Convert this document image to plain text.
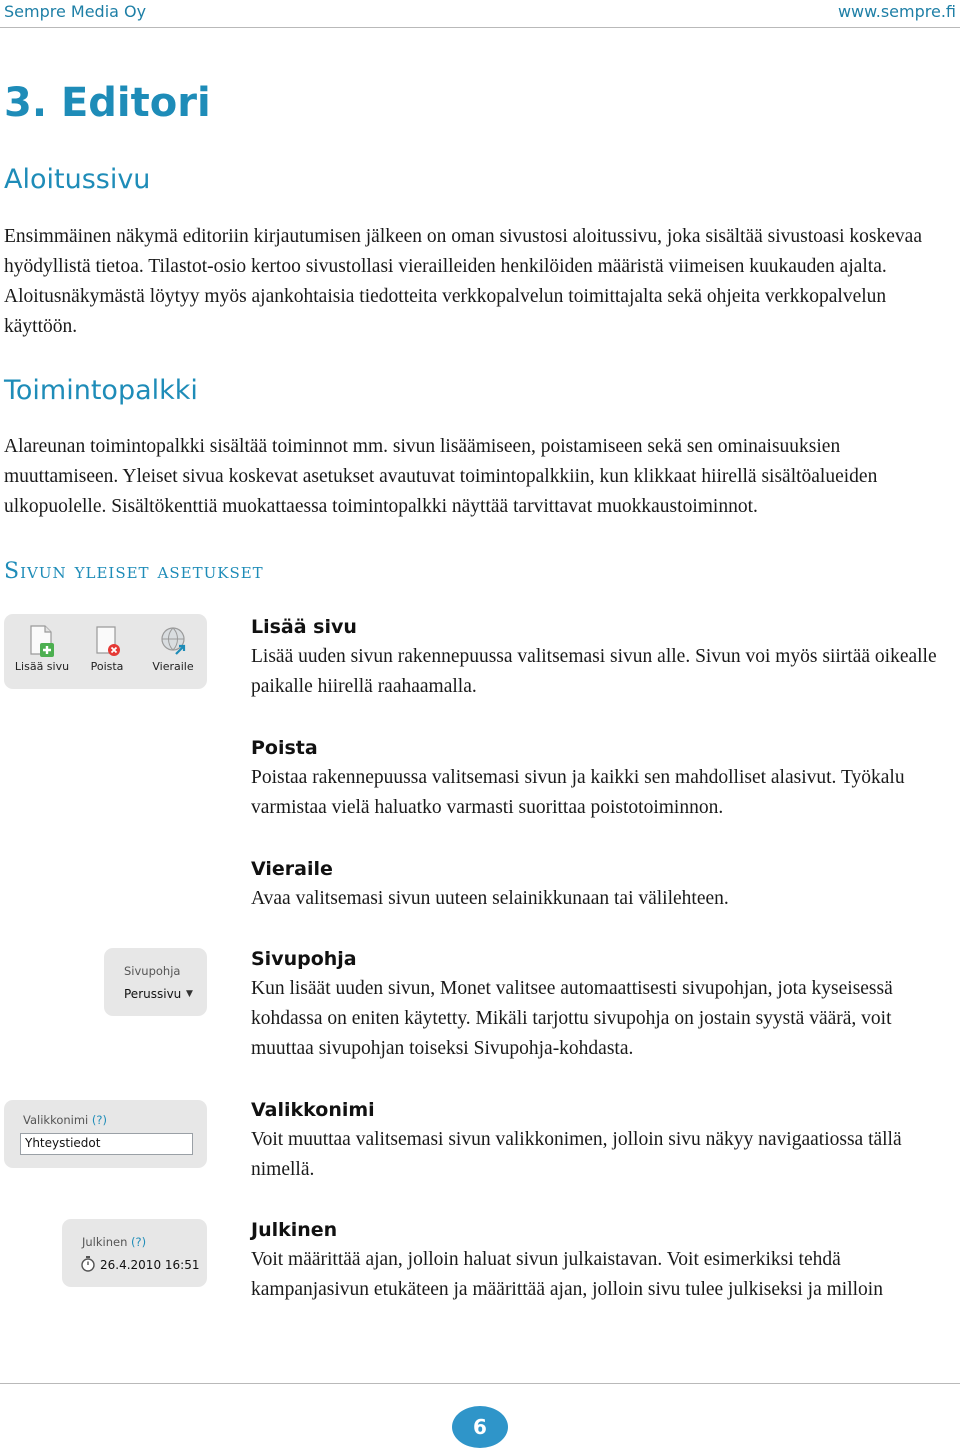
Sempre Media Oy	www.sempre.fi
3. Editori
Aloitussivu

Ensimmäinen näkymä editoriin kirjautumisen jälkeen on oman sivustosi aloitussivu, joka sisältää sivustoasi koskevaa hyödyllistä tietoa. Tilastot-osio kertoo sivustollasi vierailleiden henkilöiden määristä viimeisen kuukauden ajalta. Aloitusnäkymästä löytyy myös ajankohtaisia tiedotteita verkkopalvelun toimittajalta sekä ohjeita verkkopalvelun käyttöön.

Toimintopalkki

Alareunan toimintopalkki sisältää toiminnot mm. sivun lisäämiseen, poistamiseen sekä sen ominaisuuksien muuttamiseen. Yleiset sivua koskevat asetukset avautuvat toimintopalkkiin, kun klikkaat hiirellä sisältöalueiden ulkopuolelle. Sisältökenttiä muokattaessa toimintopalkki näyttää tarvittavat muokkaustoiminnot.

Sivun yleiset asetukset
Lisää sivu	Poista	Vieraile

Lisää sivu

Lisää uuden sivun rakennepuussa valitsemasi sivun alle. Sivun voi myös siirtää oikealle paikalle hiirellä raahaamalla.

Poista

Poistaa rakennepuussa valitsemasi sivun ja kaikki sen mahdolliset alasivut. Työkalu varmistaa vielä haluatko varmasti suorittaa poistotoiminnon.

Vieraile

Avaa valitsemasi sivun uuteen selainikkunaan tai välilehteen.

Sivupohja
Perussivu ▼

Sivupohja

Kun lisäät uuden sivun, Monet valitsee automaattisesti sivupohjan, jota kyseisessä kohdassa on eniten käytetty. Mikäli tarjottu sivupohja on jostain syystä väärä, voit muuttaa sivupohjan toiseksi Sivupohja-kohdasta.

Valikkonimi (?)
Yhteystiedot

Valikkonimi

Voit muuttaa valitsemasi sivun valikkonimen, jolloin sivu näkyy navigaatiossa tällä nimellä.

Julkinen (?)
26.4.2010 16:51

Julkinen

Voit määrittää ajan, jolloin haluat sivun julkaistavan. Voit esimerkiksi tehdä kampanjasivun etukäteen ja määrittää ajan, jolloin sivu tulee julkiseksi ja milloin

6
